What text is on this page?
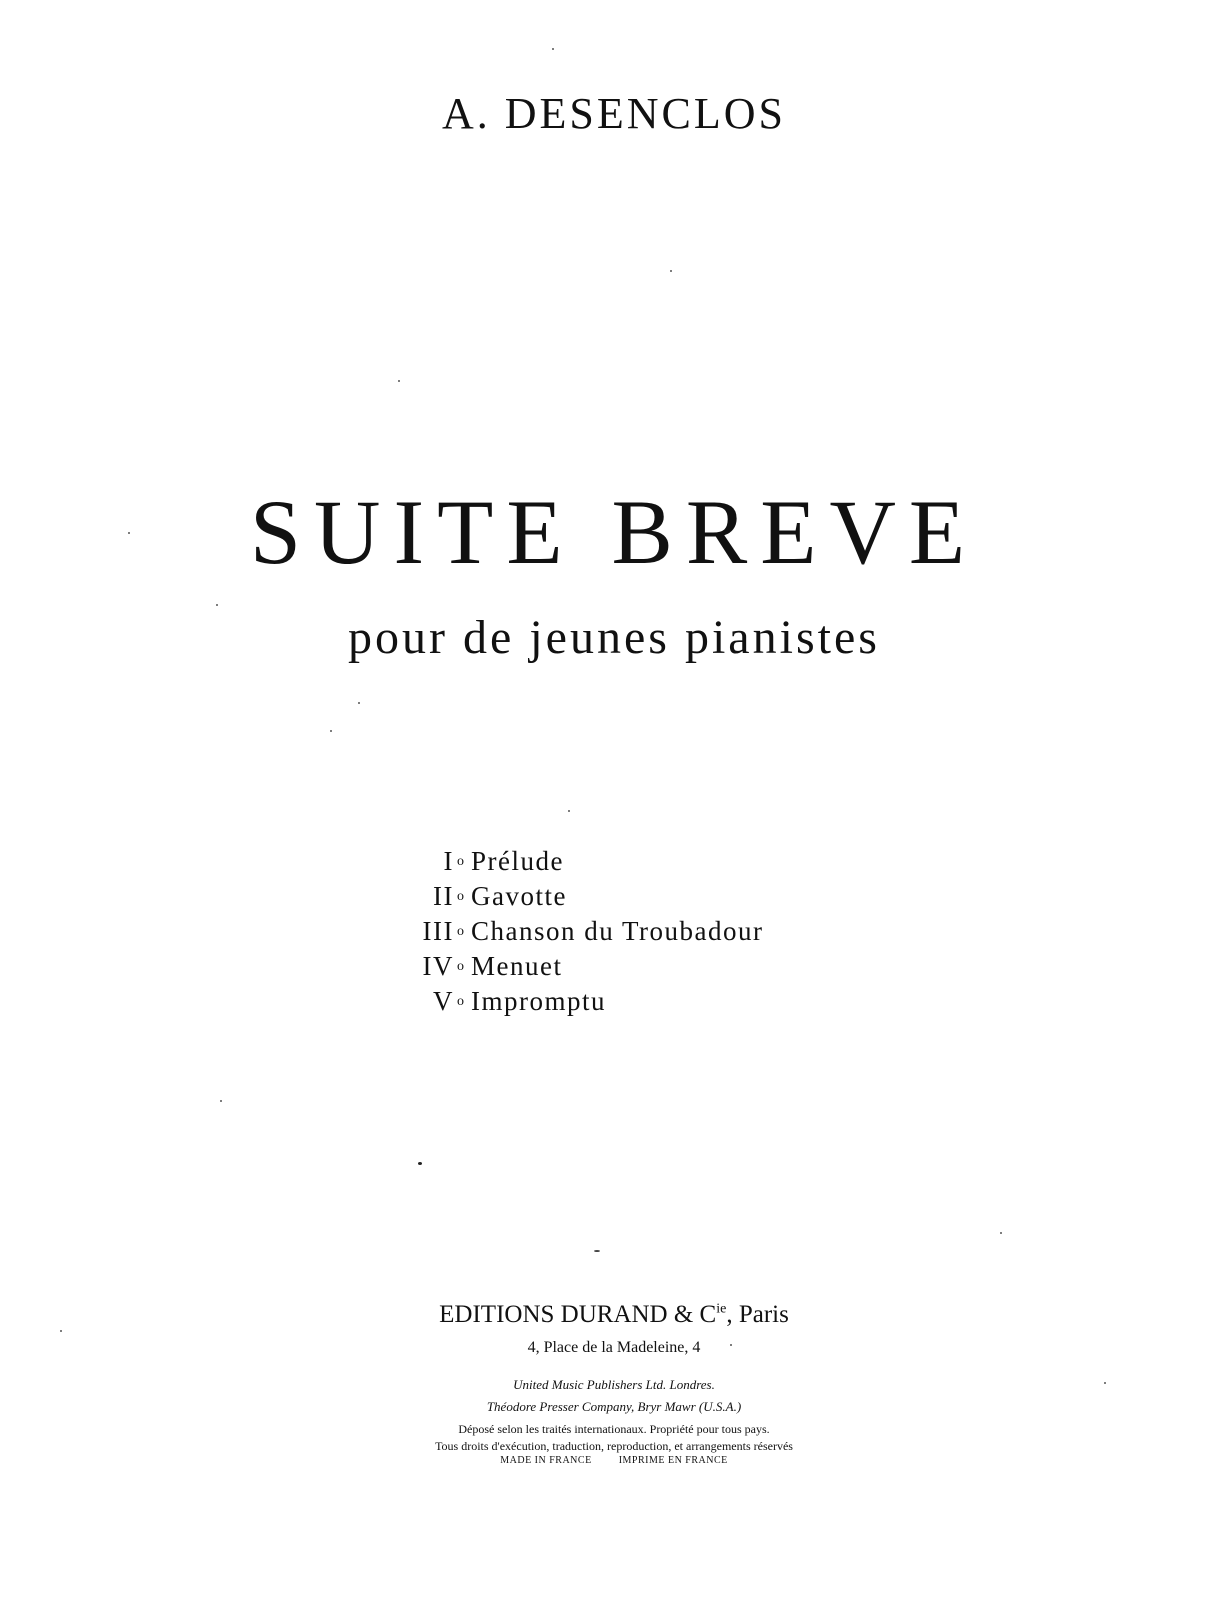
A. DESENCLOS
SUITE BREVE
pour de jeunes pianistes
I o Prélude
II o Gavotte
III o Chanson du Troubadour
IV o Menuet
V o Impromptu
EDITIONS DURAND & $C^{ie}$, Paris
4, Place de la Madeleine, 4
United Music Publishers Ltd. Londres.
Théodore Presser Company, Bryr Mawr (U.S.A.)
Déposé selon les traités internationaux. Propriété pour tous pays.
Tous droits d'exécution, traduction, reproduction, et arrangements réservés
MADE IN FRANCE	IMPRIME EN FRANCE
